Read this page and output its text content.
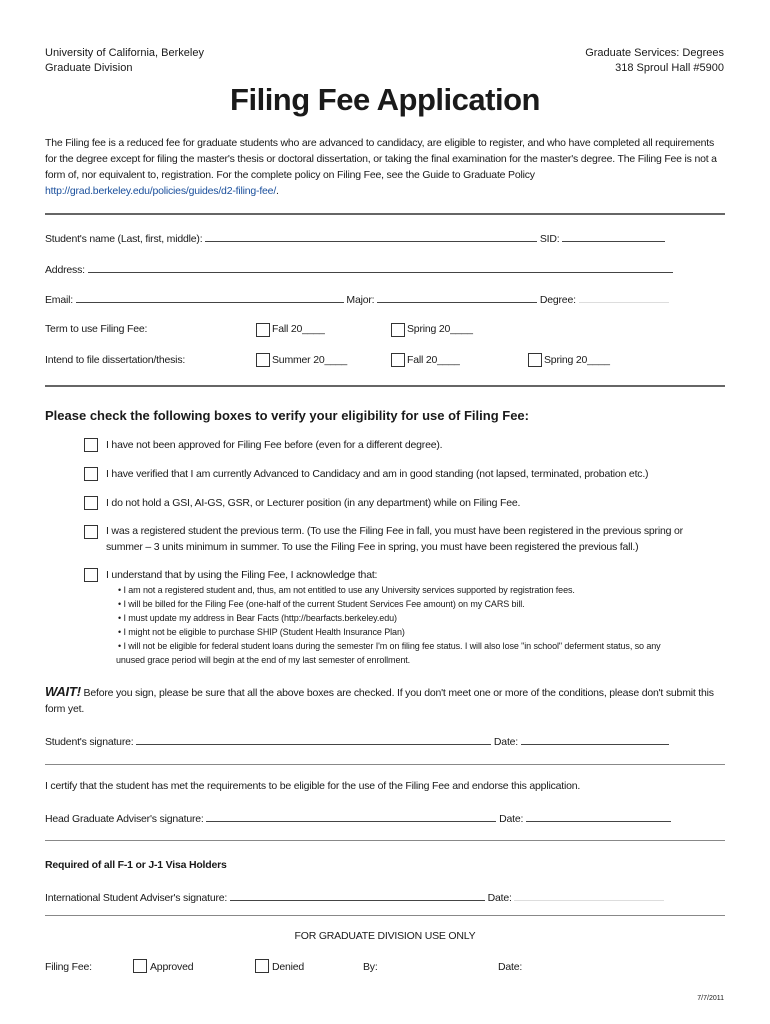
University of California, Berkeley
Graduate Division
Graduate Services: Degrees
318 Sproul Hall #5900
Filing Fee Application
The Filing fee is a reduced fee for graduate students who are advanced to candidacy, are eligible to register, and who have completed all requirements for the degree except for filing the master's thesis or doctoral dissertation, or taking the final examination for the master's degree. The Filing Fee is not a form of, nor equivalent to, registration. For the complete policy on Filing Fee, see the Guide to Graduate Policy http://grad.berkeley.edu/policies/guides/d2-filing-fee/.
Student's name (Last, first, middle):	SID:
Address:
Email:	Major:	Degree:
Term to use Filing Fee:	Fall 20____	Spring 20____
Intend to file dissertation/thesis:	Summer 20____	Fall 20____	Spring 20____
Please check the following boxes to verify your eligibility for use of Filing Fee:
I have not been approved for Filing Fee before (even for a different degree).
I have verified that I am currently Advanced to Candidacy and am in good standing (not lapsed, terminated, probation etc.)
I do not hold a GSI, AI-GS, GSR, or Lecturer position (in any department) while on Filing Fee.
I was a registered student the previous term. (To use the Filing Fee in fall, you must have been registered in the previous spring or
summer – 3 units minimum in summer. To use the Filing Fee in spring, you must have been registered the previous fall.)
I understand that by using the Filing Fee, I acknowledge that:
• I am not a registered student and, thus, am not entitled to use any University services supported by registration fees.
• I will be billed for the Filing Fee (one-half of the current Student Services Fee amount) on my CARS bill.
• I must update my address in Bear Facts (http://bearfacts.berkeley.edu)
• I might not be eligible to purchase SHIP (Student Health Insurance Plan)
• I will not be eligible for federal student loans during the semester I'm on filing fee status. I will also lose "in school" deferment status, so any
unused grace period will begin at the end of my last semester of enrollment.
WAIT! Before you sign, please be sure that all the above boxes are checked. If you don't meet one or more of the conditions, please don't submit this form yet.
Student's signature:	Date:
I certify that the student has met the requirements to be eligible for the use of the Filing Fee and endorse this application.
Head Graduate Adviser's signature:	Date:
Required of all F-1 or J-1 Visa Holders
International Student Adviser's signature:	Date:
FOR GRADUATE DIVISION USE ONLY
Filing Fee:	Approved	Denied	By:	Date:
7/7/2011
